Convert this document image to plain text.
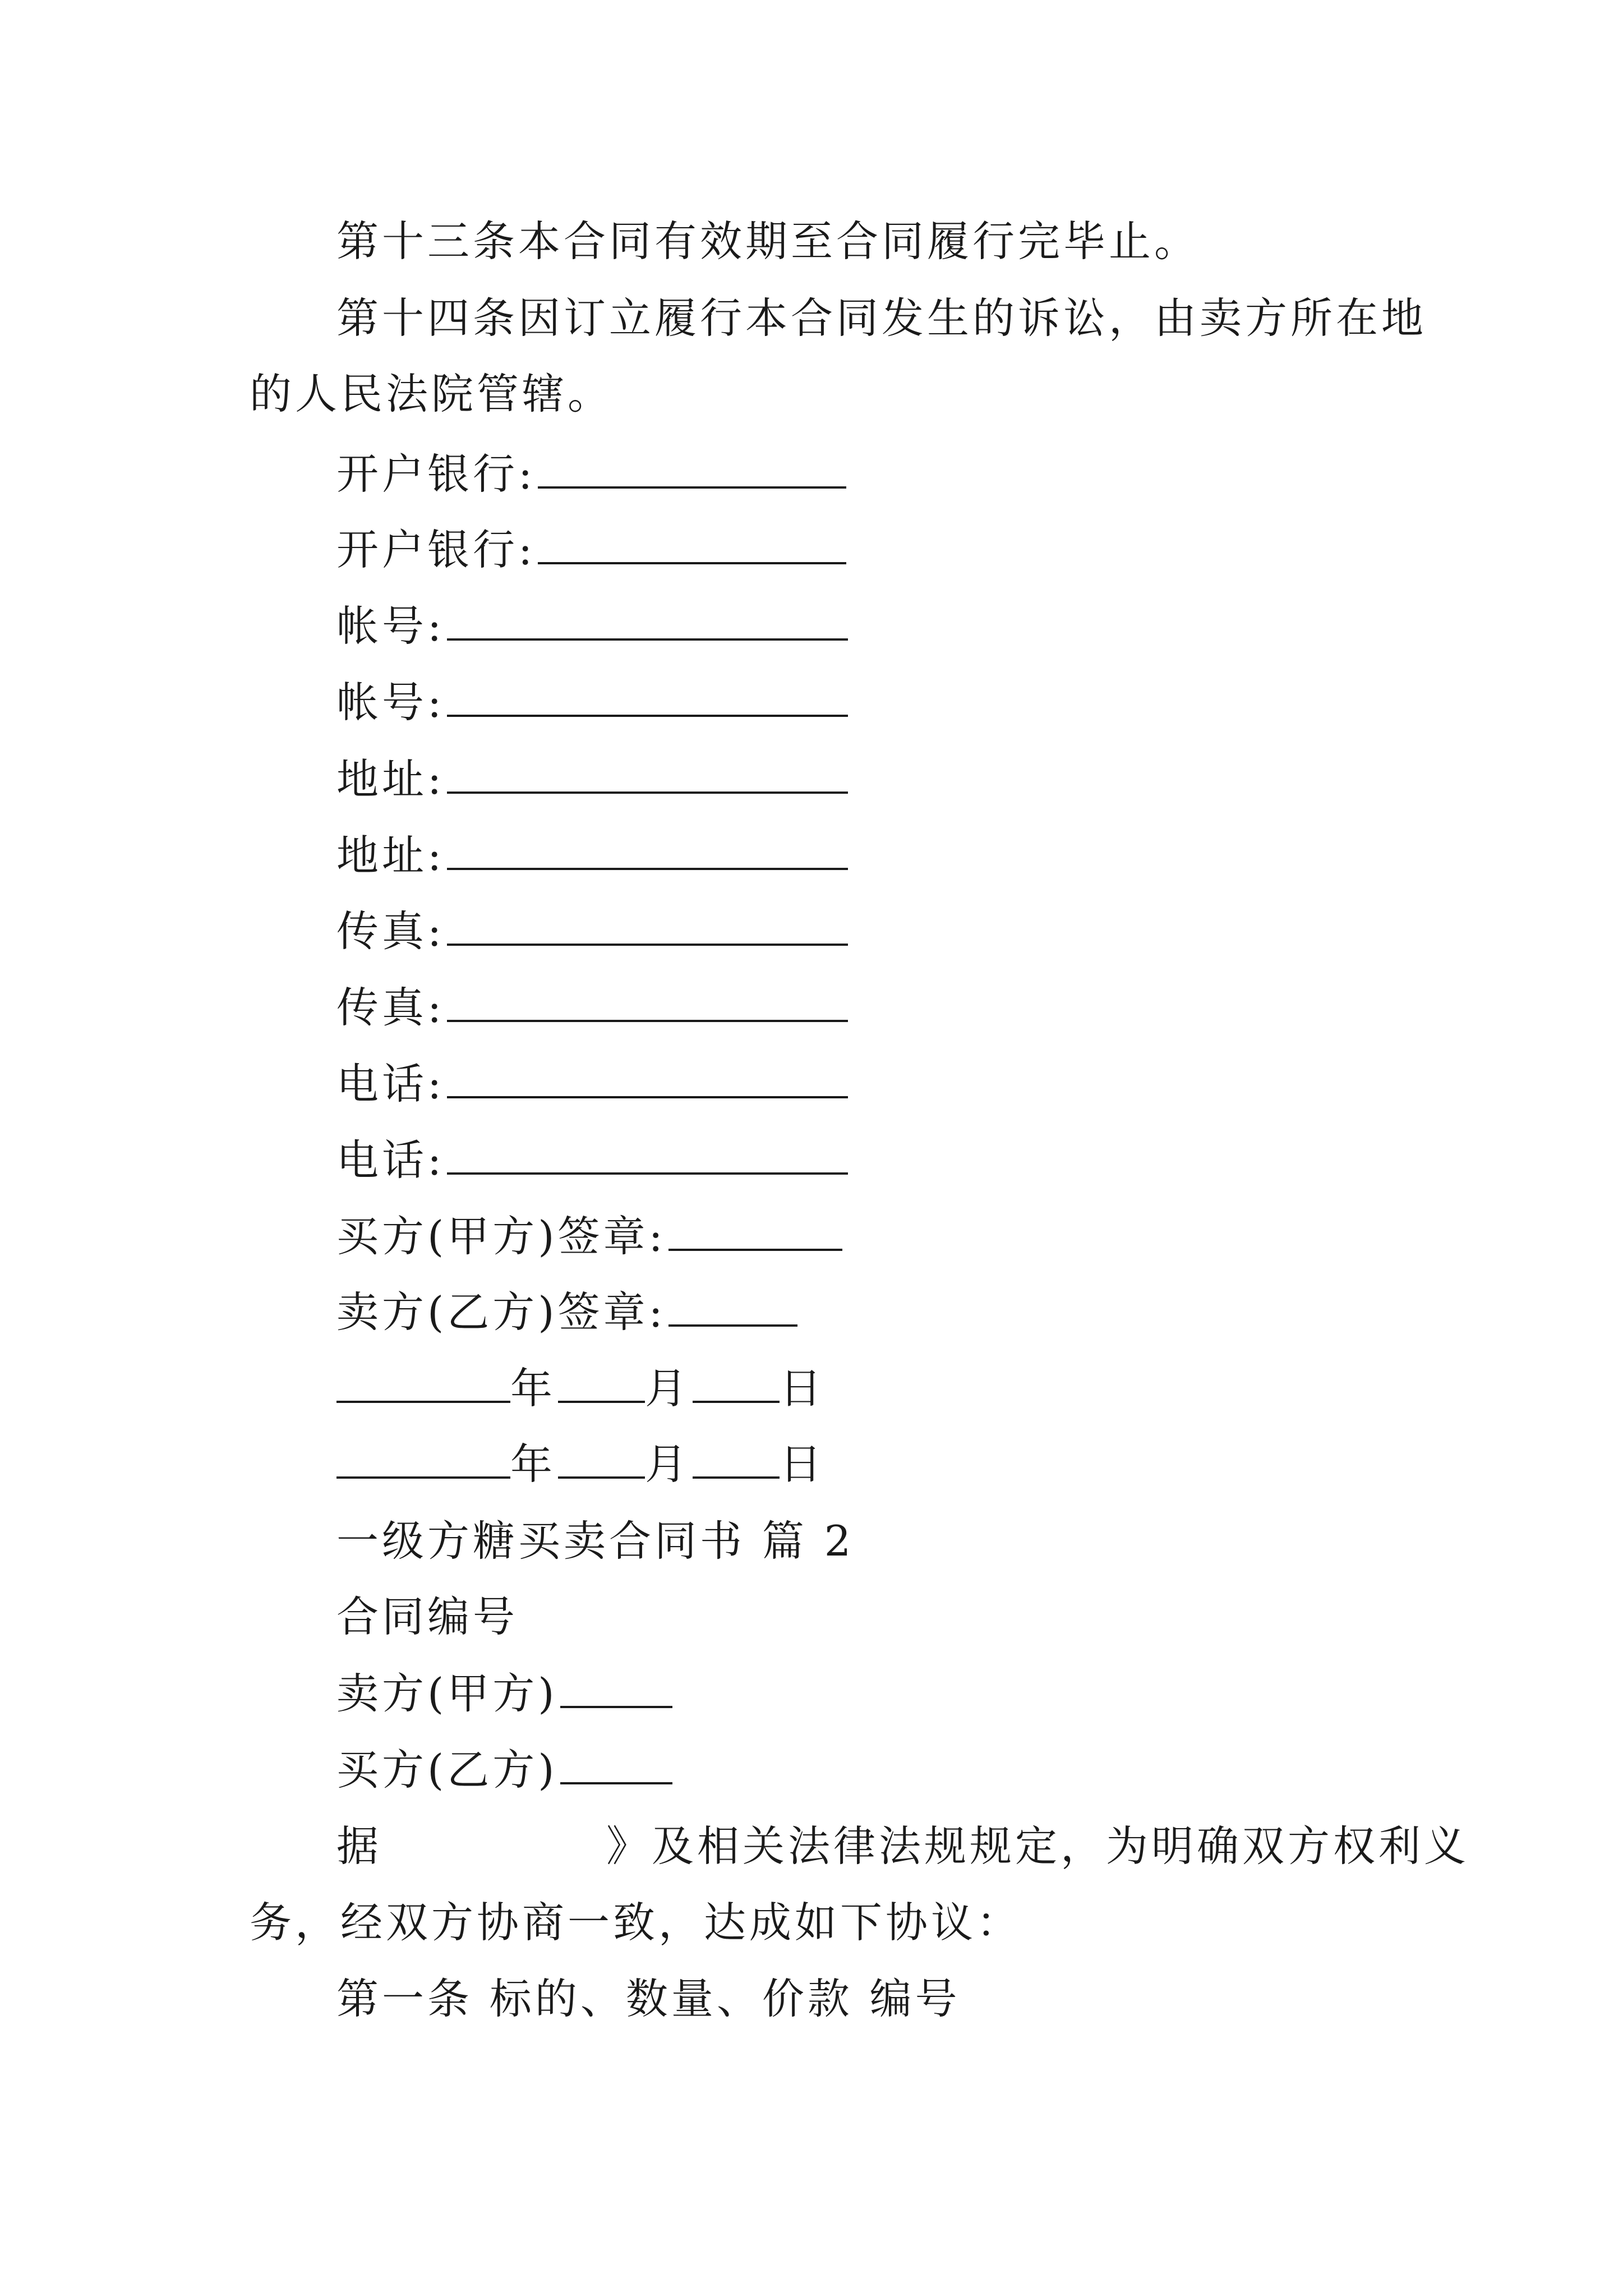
第十三条本合同有效期至合同履行完毕止。
第十四条因订立履行本合同发生的诉讼，由卖方所在地
的人民法院管辖。
开户银行:
开户银行:
帐号:
帐号:
地址:
地址:
传真:
传真:
电话:
电话:
买方(甲方)签章:
卖方(乙方)签章:
年 月 日
年 月 日
一级方糖买卖合同书 篇 2
合同编号
卖方(甲方)
买方(乙方)
据	》及相关法律法规规定，为明确双方权利义
务，经双方协商一致，达成如下协议：
第一条 标的、数量、价款 编号
